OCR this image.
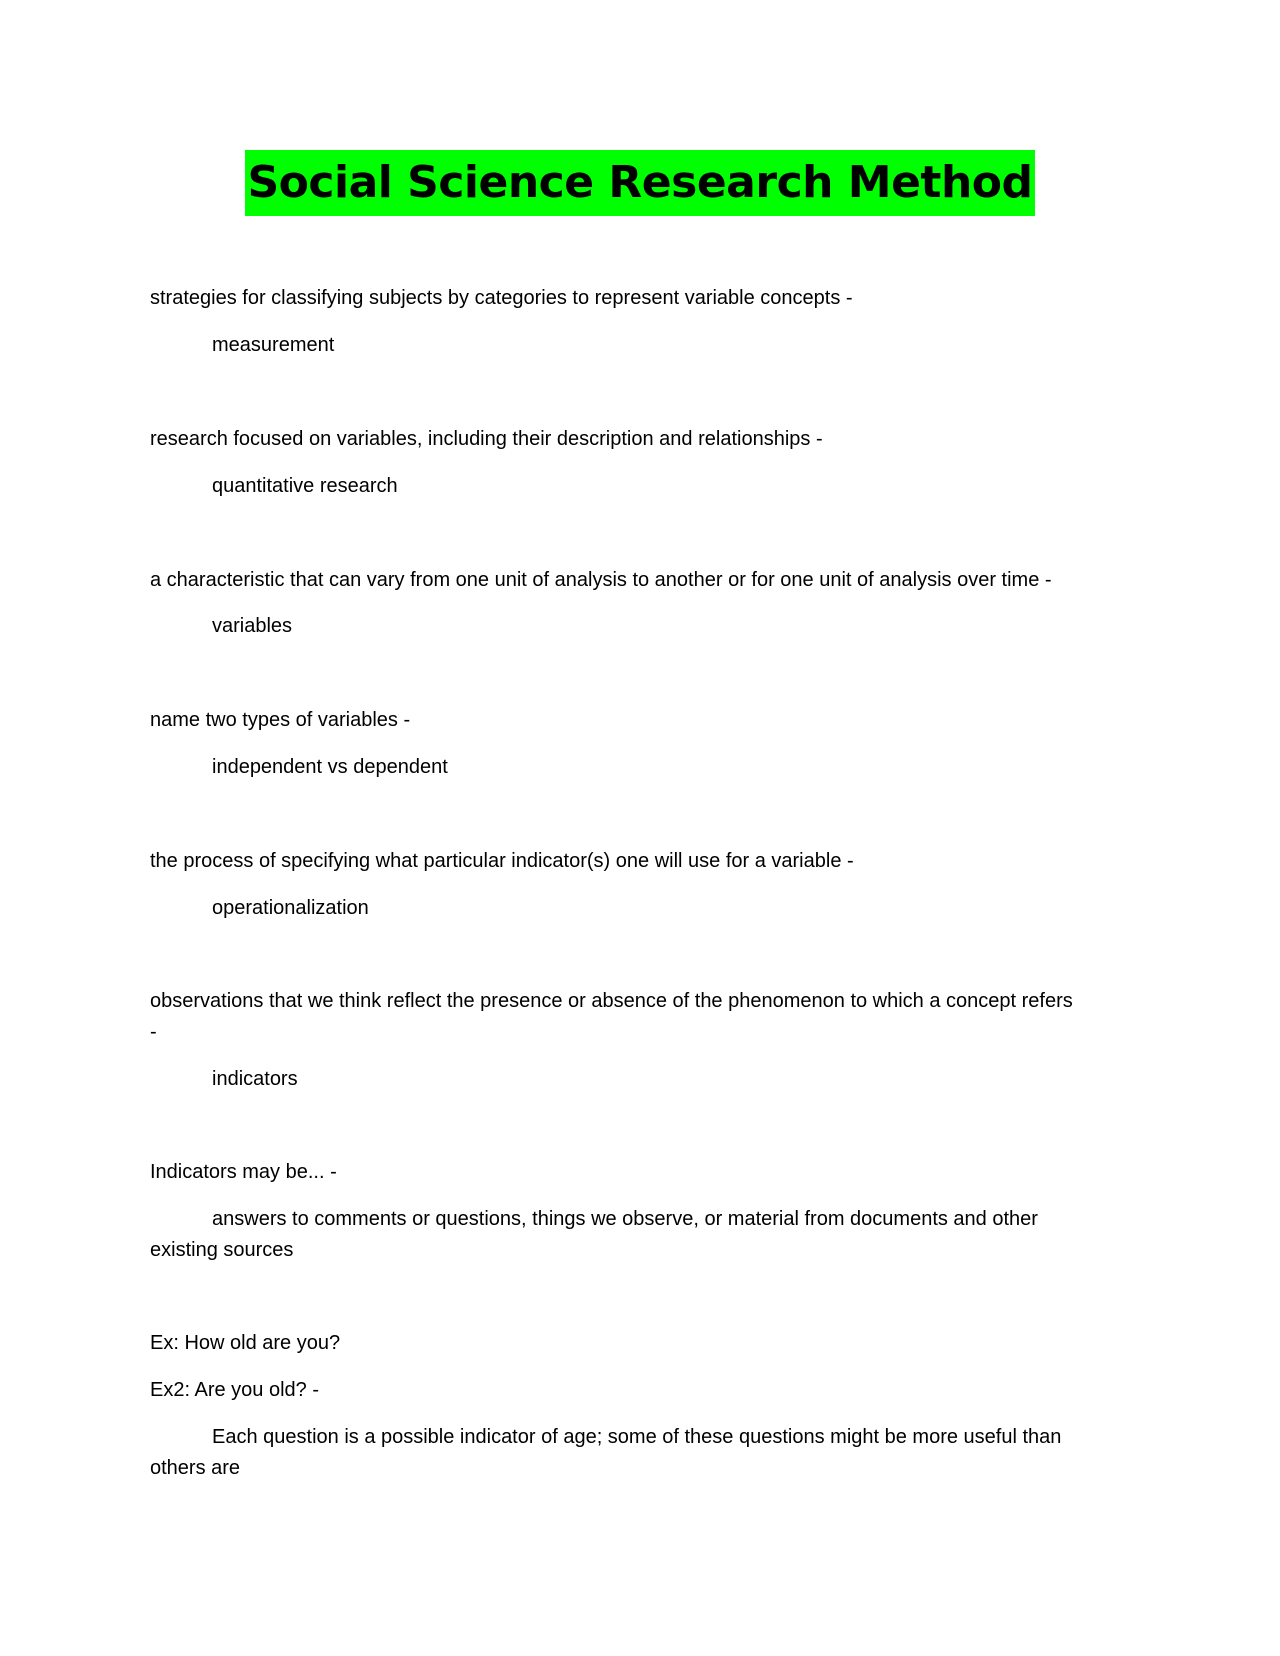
Social Science Research Method
strategies for classifying subjects by categories to represent variable concepts -
measurement
research focused on variables, including their description and relationships -
quantitative research
a characteristic that can vary from one unit of analysis to another or for one unit of analysis over time -
variables
name two types of variables -
independent vs dependent
the process of specifying what particular indicator(s) one will use for a variable -
operationalization
observations that we think reflect the presence or absence of the phenomenon to which a concept refers -
indicators
Indicators may be... -
answers to comments or questions, things we observe, or material from documents and other existing sources
Ex: How old are you?
Ex2: Are you old? -
Each question is a possible indicator of age; some of these questions might be more useful than others are
